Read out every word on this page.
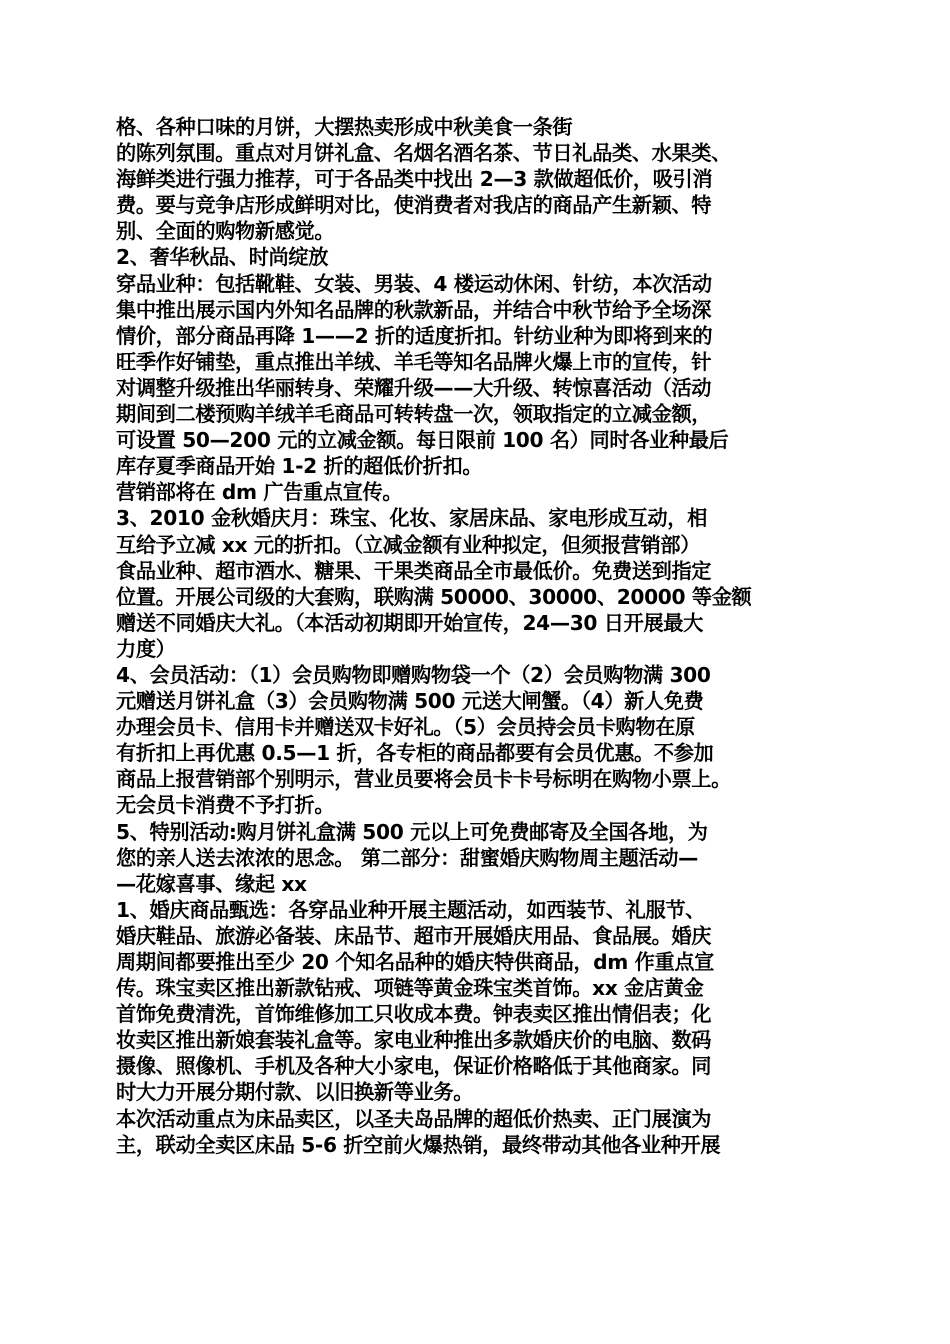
格、各种口味的月饼，大摆热卖形成中秋美食一条街
的陈列氛围。重点对月饼礼盒、名烟名酒名茶、节日礼品类、水果类、
海鲜类进行强力推荐，可于各品类中找出 2—3 款做超低价，吸引消
费。要与竞争店形成鲜明对比，使消费者对我店的商品产生新颖、特
别、全面的购物新感觉。
2、奢华秋品、时尚绽放
穿品业种：包括靴鞋、女装、男装、4 楼运动休闲、针纺，本次活动
集中推出展示国内外知名品牌的秋款新品，并结合中秋节给予全场深
情价，部分商品再降 1——2 折的适度折扣。针纺业种为即将到来的
旺季作好铺垫，重点推出羊绒、羊毛等知名品牌火爆上市的宣传，针
对调整升级推出华丽转身、荣耀升级——大升级、转惊喜活动（活动
期间到二楼预购羊绒羊毛商品可转转盘一次，领取指定的立减金额，
可设置 50—200 元的立减金额。每日限前 100 名）同时各业种最后
库存夏季商品开始 1-2 折的超低价折扣。
营销部将在 dm 广告重点宣传。
3、2010 金秋婚庆月：珠宝、化妆、家居床品、家电形成互动，相
互给予立减 xx 元的折扣。（立减金额有业种拟定，但须报营销部）
食品业种、超市酒水、糖果、干果类商品全市最低价。免费送到指定
位置。开展公司级的大套购，联购满 50000、30000、20000 等金额
赠送不同婚庆大礼。（本活动初期即开始宣传，24—30 日开展最大
力度）
4、会员活动：（1）会员购物即赠购物袋一个（2）会员购物满 300
元赠送月饼礼盒（3）会员购物满 500 元送大闸蟹。（4）新人免费
办理会员卡、信用卡并赠送双卡好礼。（5）会员持会员卡购物在原
有折扣上再优惠 0.5—1 折，各专柜的商品都要有会员优惠。不参加
商品上报营销部个别明示，营业员要将会员卡卡号标明在购物小票上。
无会员卡消费不予打折。
5、特别活动:购月饼礼盒满 500 元以上可免费邮寄及全国各地，为
您的亲人送去浓浓的思念。 第二部分：甜蜜婚庆购物周主题活动—
—花嫁喜事、缘起 xx
1、婚庆商品甄选：各穿品业种开展主题活动，如西装节、礼服节、
婚庆鞋品、旅游必备装、床品节、超市开展婚庆用品、食品展。婚庆
周期间都要推出至少 20 个知名品种的婚庆特供商品，dm 作重点宣
传。珠宝卖区推出新款钻戒、项链等黄金珠宝类首饰。xx 金店黄金
首饰免费清洗，首饰维修加工只收成本费。钟表卖区推出情侣表；化
妆卖区推出新娘套装礼盒等。家电业种推出多款婚庆价的电脑、数码
摄像、照像机、手机及各种大小家电，保证价格略低于其他商家。同
时大力开展分期付款、以旧换新等业务。
本次活动重点为床品卖区，以圣夫岛品牌的超低价热卖、正门展演为
主，联动全卖区床品 5-6 折空前火爆热销，最终带动其他各业种开展
